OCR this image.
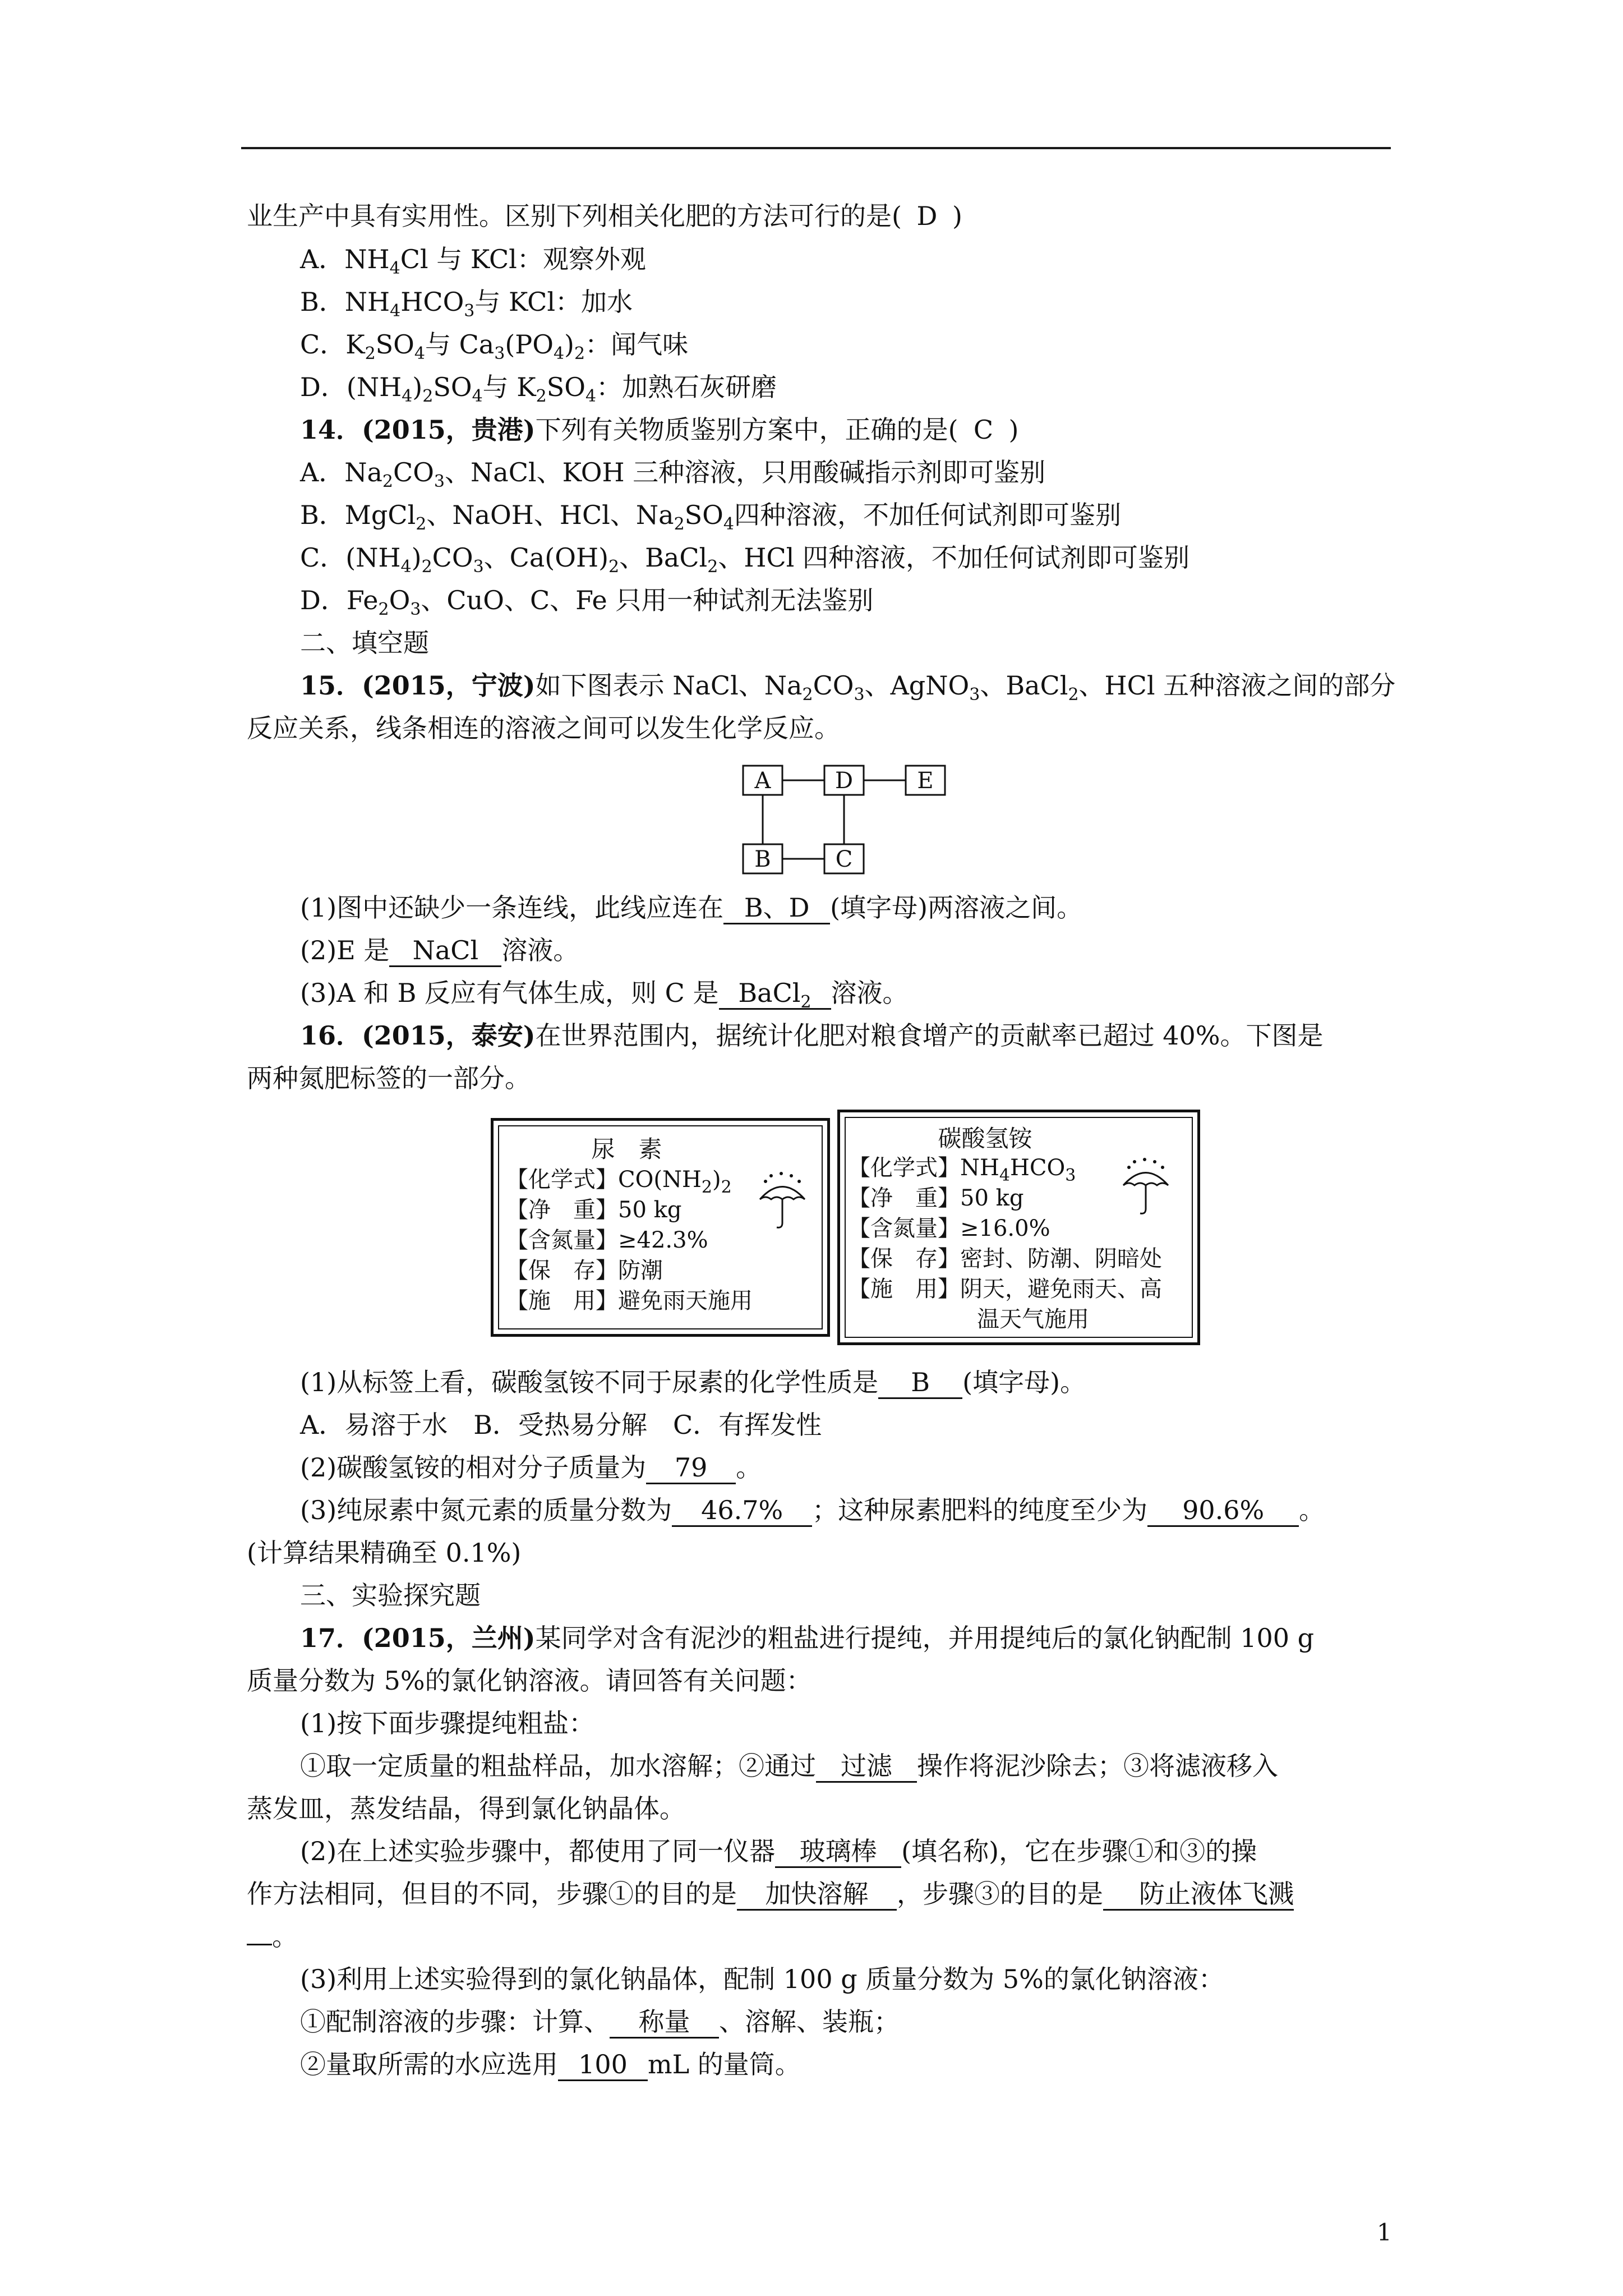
业生产中具有实用性。区别下列相关化肥的方法可行的是( D )
A．$NH_4Cl$ 与 KCl：观察外观
B．$NH_4HCO_3$与 KCl：加水
C．$K_2SO_4$与 $Ca_3(PO_4)_2$：闻气味
D．$(NH_4)_2SO_4$与 $K_2SO_4$：加熟石灰研磨
14．(2015，贵港)下列有关物质鉴别方案中，正确的是( C )
A．$Na_2CO_3$、NaCl、KOH 三种溶液，只用酸碱指示剂即可鉴别
B．MgCl$_2$、NaOH、HCl、$Na_2SO_4$四种溶液，不加任何试剂即可鉴别
C．$(NH_4)_2CO_3$、$Ca(OH)_2$、BaCl$_2$、HCl 四种溶液，不加任何试剂即可鉴别
D．$Fe_2O_3$、CuO、C、Fe 只用一种试剂无法鉴别
二、填空题
15．(2015，宁波)如下图表示 NaCl、$Na_2CO_3$、AgNO$_3$、BaCl$_2$、HCl 五种溶液之间的部分
反应关系，线条相连的溶液之间可以发生化学反应。
A	D	E
B	C
(1)图中还缺少一条连线，此线应连在 B、D (填字母)两溶液之间。
(2)E 是 NaCl 溶液。
(3)A 和 B 反应有气体生成，则 C 是 BaCl$_2$ 溶液。
16．(2015，泰安)在世界范围内，据统计化肥对粮食增产的贡献率已超过 40%。下图是
两种氮肥标签的一部分。
尿　素
【化学式】$CO(NH_2)_2$
【净　重】50 kg
【含氮量】≥42.3%
【保　存】防潮
【施　用】避免雨天施用
碳酸氢铵
【化学式】$NH_4HCO_3$
【净　重】50 kg
【含氮量】≥16.0%
【保　存】密封、防潮、阴暗处
【施　用】阴天，避免雨天、高
温天气施用
(1)从标签上看，碳酸氢铵不同于尿素的化学性质是 B (填字母)。
A．易溶于水　B．受热易分解　C．有挥发性
(2)碳酸氢铵的相对分子质量为 79 。
(3)纯尿素中氮元素的质量分数为 46.7% ；这种尿素肥料的纯度至少为 90.6% 。
(计算结果精确至 0.1%)
三、实验探究题
17．(2015，兰州)某同学对含有泥沙的粗盐进行提纯，并用提纯后的氯化钠配制 100 g
质量分数为 5%的氯化钠溶液。请回答有关问题：
(1)按下面步骤提纯粗盐：
①取一定质量的粗盐样品，加水溶解；②通过 过滤 操作将泥沙除去；③将滤液移入
蒸发皿，蒸发结晶，得到氯化钠晶体。
(2)在上述实验步骤中，都使用了同一仪器 玻璃棒 (填名称)，它在步骤①和③的操
作方法相同，但目的不同，步骤①的目的是 加快溶解 ，步骤③的目的是 防止液体飞溅
。
(3)利用上述实验得到的氯化钠晶体，配制 100 g 质量分数为 5%的氯化钠溶液：
①配制溶液的步骤：计算、 称量 、溶解、装瓶；
②量取所需的水应选用 100 mL 的量筒。
1
